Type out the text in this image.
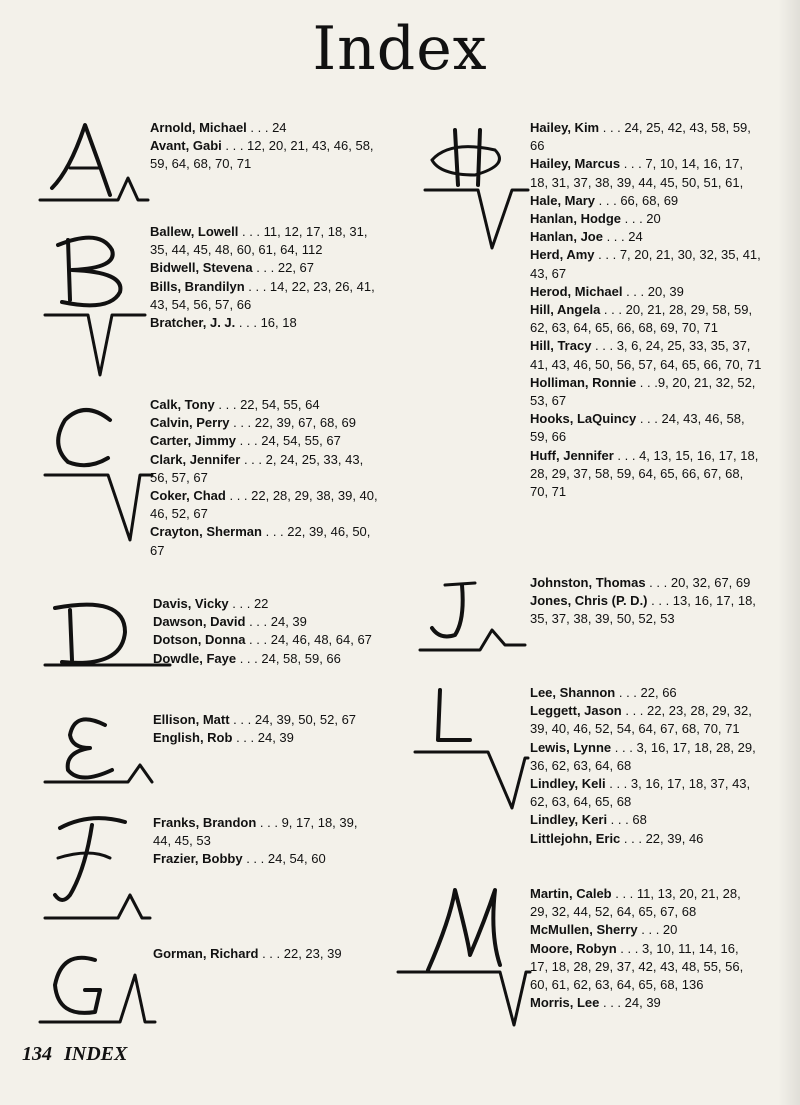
Index
Arnold, Michael . . . 24
Avant, Gabi . . . 12, 20, 21, 43, 46, 58, 59, 64, 68, 70, 71
Ballew, Lowell . . . 11, 12, 17, 18, 31, 35, 44, 45, 48, 60, 61, 64, 112
Bidwell, Stevena . . . 22, 67
Bills, Brandilyn . . . 14, 22, 23, 26, 41, 43, 54, 56, 57, 66
Bratcher, J. J. . . . 16, 18
Calk, Tony . . . 22, 54, 55, 64
Calvin, Perry . . . 22, 39, 67, 68, 69
Carter, Jimmy . . . 24, 54, 55, 67
Clark, Jennifer . . . 2, 24, 25, 33, 43, 56, 57, 67
Coker, Chad . . . 22, 28, 29, 38, 39, 40, 46, 52, 67
Crayton, Sherman . . . 22, 39, 46, 50, 67
Davis, Vicky . . . 22
Dawson, David . . . 24, 39
Dotson, Donna . . . 24, 46, 48, 64, 67
Dowdle, Faye . . . 24, 58, 59, 66
Ellison, Matt . . . 24, 39, 50, 52, 67
English, Rob . . . 24, 39
Franks, Brandon . . . 9, 17, 18, 39, 44, 45, 53
Frazier, Bobby . . . 24, 54, 60
Gorman, Richard . . . 22, 23, 39
Hailey, Kim . . . 24, 25, 42, 43, 58, 59, 66
Hailey, Marcus . . . 7, 10, 14, 16, 17, 18, 31, 37, 38, 39, 44, 45, 50, 51, 61,
Hale, Mary . . . 66, 68, 69
Hanlan, Hodge . . . 20
Hanlan, Joe . . . 24
Herd, Amy . . . 7, 20, 21, 30, 32, 35, 41, 43, 67
Herod, Michael . . . 20, 39
Hill, Angela . . . 20, 21, 28, 29, 58, 59, 62, 63, 64, 65, 66, 68, 69, 70, 71
Hill, Tracy . . . 3, 6, 24, 25, 33, 35, 37, 41, 43, 46, 50, 56, 57, 64, 65, 66, 70, 71
Holliman, Ronnie . . .9, 20, 21, 32, 52, 53, 67
Hooks, LaQuincy . . . 24, 43, 46, 58, 59, 66
Huff, Jennifer . . . 4, 13, 15, 16, 17, 18, 28, 29, 37, 58, 59, 64, 65, 66, 67, 68, 70, 71
Johnston, Thomas . . . 20, 32, 67, 69
Jones, Chris (P. D.) . . . 13, 16, 17, 18, 35, 37, 38, 39, 50, 52, 53
Lee, Shannon . . . 22, 66
Leggett, Jason . . . 22, 23, 28, 29, 32, 39, 40, 46, 52, 54, 64, 67, 68, 70, 71
Lewis, Lynne . . . 3, 16, 17, 18, 28, 29, 36, 62, 63, 64, 68
Lindley, Keli . . . 3, 16, 17, 18, 37, 43, 62, 63, 64, 65, 68
Lindley, Keri . . . 68
Littlejohn, Eric . . . 22, 39, 46
Martin, Caleb . . . 11, 13, 20, 21, 28, 29, 32, 44, 52, 64, 65, 67, 68
McMullen, Sherry . . . 20
Moore, Robyn . . . 3, 10, 11, 14, 16, 17, 18, 28, 29, 37, 42, 43, 48, 55, 56, 60, 61, 62, 63, 64, 65, 68, 136
Morris, Lee . . . 24, 39
134 INDEX
